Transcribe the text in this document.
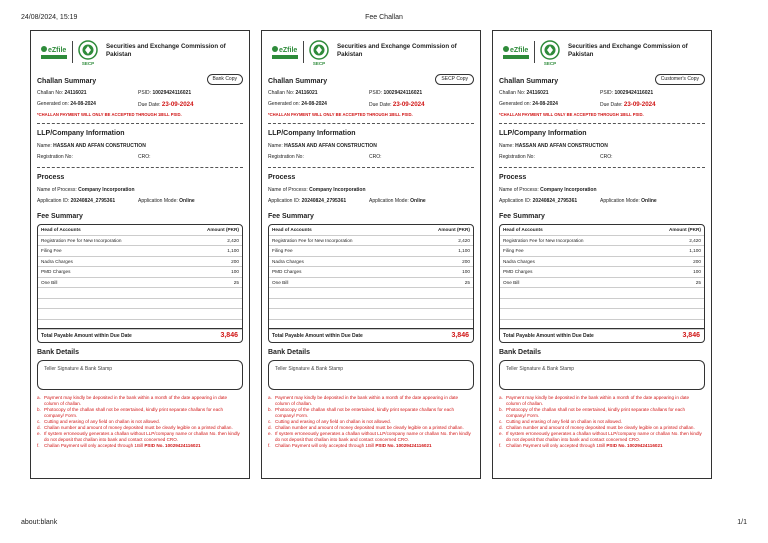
24/08/2024, 15:19	Fee Challan
eZfile
SECP
Securities and Exchange Commission of Pakistan
Challan Summary	Bank Copy
Challan No: 24116021	PSID: 100294241160​21
Generated on: 24-08-2024	Due Date: 23-09-2024
*CHALLAN PAYMENT WILL ONLY BE ACCEPTED THROUGH 1BILL PSID.
LLP/Company Information
Name: HASSAN AND AFFAN CONSTRUCTION
Registration No:	CRO:
Process
Name of Process: Company Incorporation
Application ID: 20240824_2795361	Application Mode: Online
Fee Summary
Head of Accounts	Amount (PKR)
Registration Fee for New Incorporation	2,420
Filing Fee	1,100
Nadra Charges	200
PMD Charges	100
One Bill	25
Total Payable Amount within Due Date	3,846
Bank Details
Teller Signature & Bank Stamp
a. Payment may kindly be deposited in the bank within a month of the date appearing in date column of challan.
b. Photocopy of the challan shall not be entertained, kindly print separate challans for each company/ Form.
c. Cutting and erasing of any field on challan is not allowed.
d. Challan number and amount of money deposited must be clearly legible on a printed challan.
e. If system erroneously generates a challan without LLP/company name or challan No. then kindly do not deposit that challan into bank and contact concerned CRO.
f. Challan Payment will only accepted through 1Bill PSID No. 10029424116021
eZfile
SECP
Securities and Exchange Commission of Pakistan
Challan Summary	SECP Copy
Challan No: 24116021	PSID: 100294241160​21
Generated on: 24-08-2024	Due Date: 23-09-2024
*CHALLAN PAYMENT WILL ONLY BE ACCEPTED THROUGH 1BILL PSID.
LLP/Company Information
Name: HASSAN AND AFFAN CONSTRUCTION
Registration No:	CRO:
Process
Name of Process: Company Incorporation
Application ID: 20240824_2795361	Application Mode: Online
Fee Summary
Head of Accounts	Amount (PKR)
Registration Fee for New Incorporation	2,420
Filing Fee	1,100
Nadra Charges	200
PMD Charges	100
One Bill	25
Total Payable Amount within Due Date	3,846
Bank Details
Teller Signature & Bank Stamp
a. Payment may kindly be deposited in the bank within a month of the date appearing in date column of challan.
b. Photocopy of the challan shall not be entertained, kindly print separate challans for each company/ Form.
c. Cutting and erasing of any field on challan is not allowed.
d. Challan number and amount of money deposited must be clearly legible on a printed challan.
e. If system erroneously generates a challan without LLP/company name or challan No. then kindly do not deposit that challan into bank and contact concerned CRO.
f. Challan Payment will only accepted through 1Bill PSID No. 10029424116021
eZfile
SECP
Securities and Exchange Commission of Pakistan
Challan Summary	Customer's Copy
Challan No: 24116021	PSID: 100294241160​21
Generated on: 24-08-2024	Due Date: 23-09-2024
*CHALLAN PAYMENT WILL ONLY BE ACCEPTED THROUGH 1BILL PSID.
LLP/Company Information
Name: HASSAN AND AFFAN CONSTRUCTION
Registration No:	CRO:
Process
Name of Process: Company Incorporation
Application ID: 20240824_2795361	Application Mode: Online
Fee Summary
Head of Accounts	Amount (PKR)
Registration Fee for New Incorporation	2,420
Filing Fee	1,100
Nadra Charges	200
PMD Charges	100
One Bill	25
Total Payable Amount within Due Date	3,846
Bank Details
Teller Signature & Bank Stamp
a. Payment may kindly be deposited in the bank within a month of the date appearing in date column of challan.
b. Photocopy of the challan shall not be entertained, kindly print separate challans for each company/ Form.
c. Cutting and erasing of any field on challan is not allowed.
d. Challan number and amount of money deposited must be clearly legible on a printed challan.
e. If system erroneously generates a challan without LLP/company name or challan No. then kindly do not deposit that challan into bank and contact concerned CRO.
f. Challan Payment will only accepted through 1Bill PSID No. 10029424116021
about:blank	1/1
